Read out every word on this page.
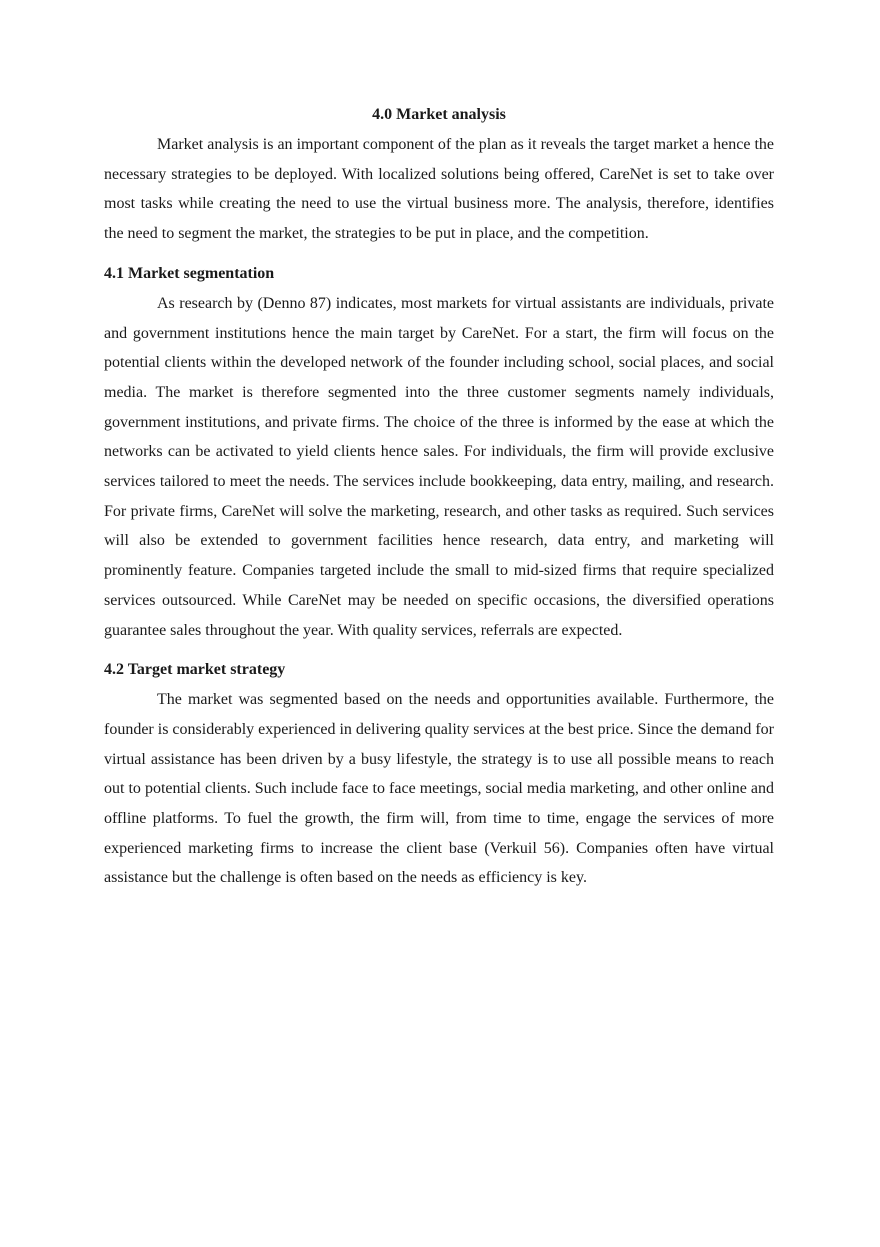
4.0 Market analysis

Market analysis is an important component of the plan as it reveals the target market a hence the necessary strategies to be deployed. With localized solutions being offered, CareNet is set to take over most tasks while creating the need to use the virtual business more. The analysis, therefore, identifies the need to segment the market, the strategies to be put in place, and the competition.

4.1 Market segmentation

As research by (Denno 87) indicates, most markets for virtual assistants are individuals, private and government institutions hence the main target by CareNet. For a start, the firm will focus on the potential clients within the developed network of the founder including school, social places, and social media. The market is therefore segmented into the three customer segments namely individuals, government institutions, and private firms. The choice of the three is informed by the ease at which the networks can be activated to yield clients hence sales. For individuals, the firm will provide exclusive services tailored to meet the needs. The services include bookkeeping, data entry, mailing, and research. For private firms, CareNet will solve the marketing, research, and other tasks as required. Such services will also be extended to government facilities hence research, data entry, and marketing will prominently feature. Companies targeted include the small to mid-sized firms that require specialized services outsourced. While CareNet may be needed on specific occasions, the diversified operations guarantee sales throughout the year. With quality services, referrals are expected.

4.2 Target market strategy

The market was segmented based on the needs and opportunities available. Furthermore, the founder is considerably experienced in delivering quality services at the best price. Since the demand for virtual assistance has been driven by a busy lifestyle, the strategy is to use all possible means to reach out to potential clients. Such include face to face meetings, social media marketing, and other online and offline platforms. To fuel the growth, the firm will, from time to time, engage the services of more experienced marketing firms to increase the client base (Verkuil 56). Companies often have virtual assistance but the challenge is often based on the needs as efficiency is key.
